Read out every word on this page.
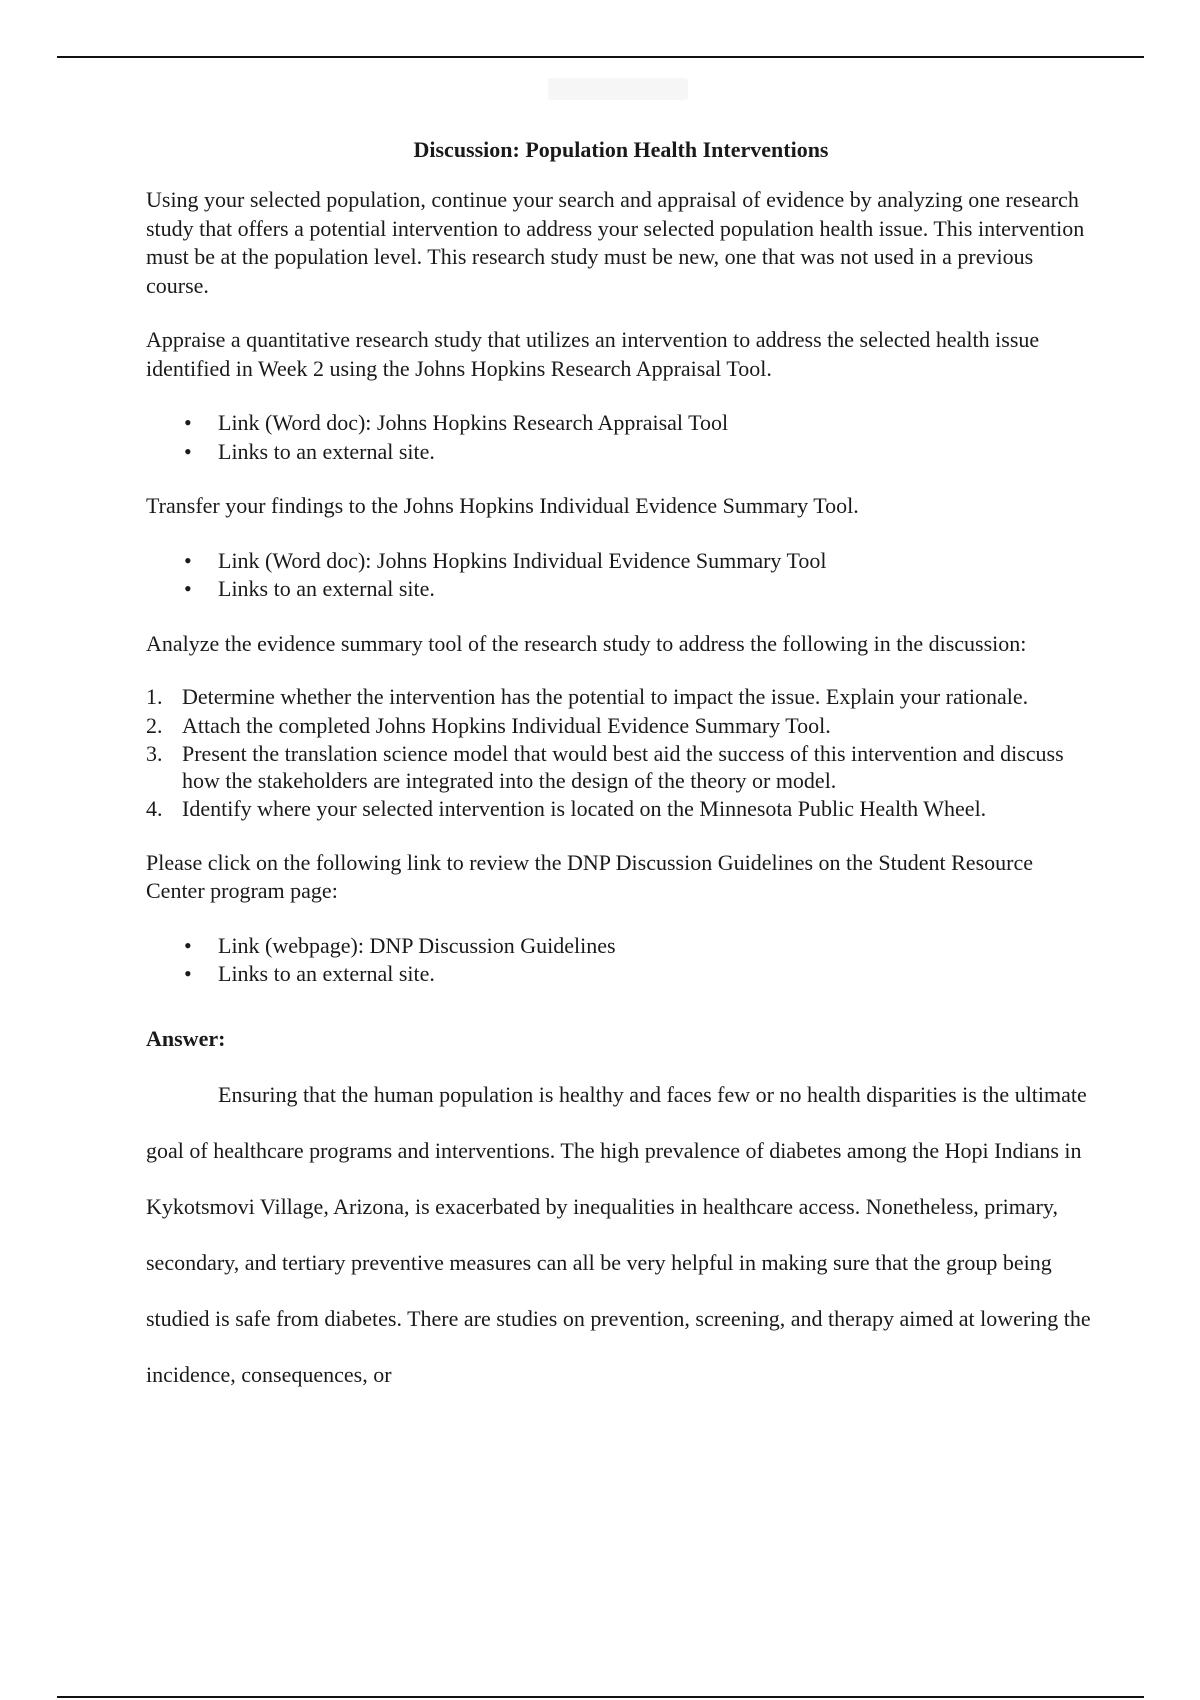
Discussion: Population Health Interventions

Using your selected population, continue your search and appraisal of evidence by analyzing one research study that offers a potential intervention to address your selected population health issue. This intervention must be at the population level. This research study must be new, one that was not used in a previous course.

Appraise a quantitative research study that utilizes an intervention to address the selected health issue identified in Week 2 using the Johns Hopkins Research Appraisal Tool.

• Link (Word doc): Johns Hopkins Research Appraisal Tool
• Links to an external site.

Transfer your findings to the Johns Hopkins Individual Evidence Summary Tool.

• Link (Word doc): Johns Hopkins Individual Evidence Summary Tool
• Links to an external site.

Analyze the evidence summary tool of the research study to address the following in the discussion:

1. Determine whether the intervention has the potential to impact the issue. Explain your rationale.
2. Attach the completed Johns Hopkins Individual Evidence Summary Tool.
3. Present the translation science model that would best aid the success of this intervention and discuss how the stakeholders are integrated into the design of the theory or model.
4. Identify where your selected intervention is located on the Minnesota Public Health Wheel.

Please click on the following link to review the DNP Discussion Guidelines on the Student Resource Center program page:

• Link (webpage): DNP Discussion Guidelines
• Links to an external site.
Answer:

Ensuring that the human population is healthy and faces few or no health disparities is the ultimate goal of healthcare programs and interventions. The high prevalence of diabetes among the Hopi Indians in Kykotsmovi Village, Arizona, is exacerbated by inequalities in healthcare access. Nonetheless, primary, secondary, and tertiary preventive measures can all be very helpful in making sure that the group being studied is safe from diabetes. There are studies on prevention, screening, and therapy aimed at lowering the incidence, consequences, or
